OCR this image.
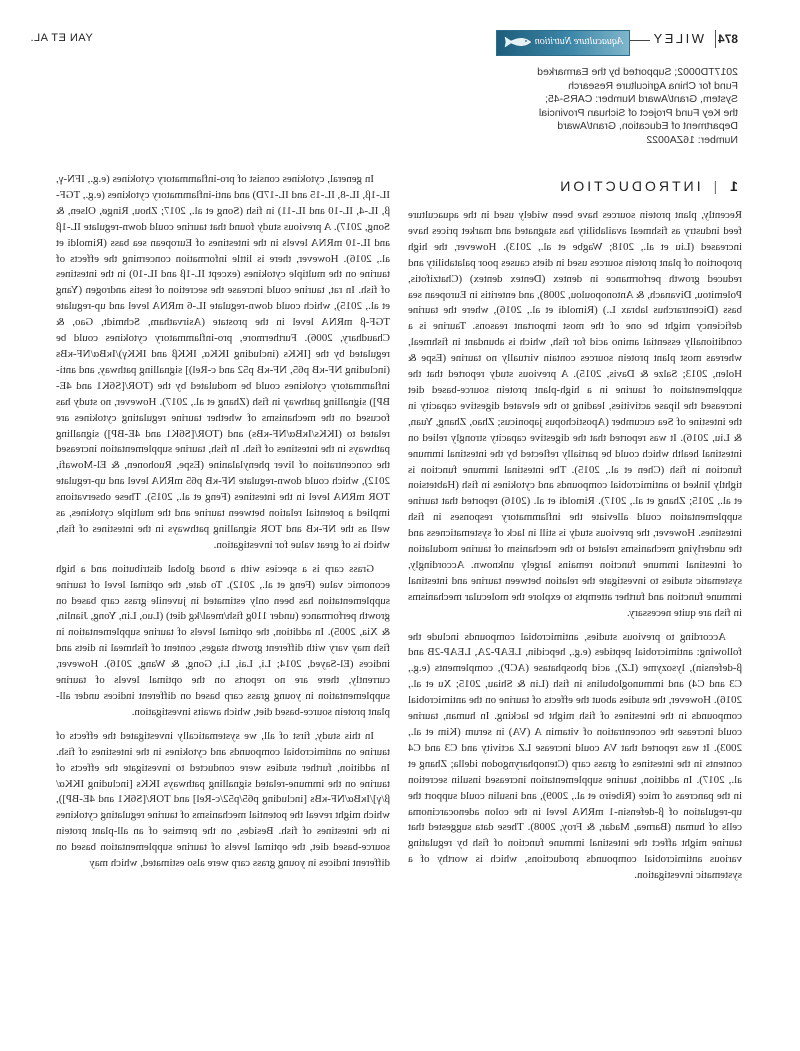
874
WILEY
Aquaculture Nutrition
YAN ET AL.
2017TD0002; Supported by the Earmarked
Fund for China Agriculture Research
System, Grant/Award Number: CARS-45;
the Key Fund Project of Sichuan Provincial
Department of Education, Grant/Award
Number: 16ZA0022
1|INTRODUCTION

Recently, plant protein sources have been widely used in the aquaculture feed industry as fishmeal availability has stagnated and market prices have increased (Liu et al., 2018; Wagbe et al., 2013). However, the high proportion of plant protein sources used in diets causes poor palatability and reduced growth performance in dentex (Dentex dentex) (Chatzifotis, Polemitou, Divanach, & Antonopoulou, 2008), and enteritis in European sea bass (Dicentrarchus labrax L.) (Rimoldi et al., 2016), where the taurine deficiency might be one of the most important reasons. Taurine is a conditionally essential amino acid for fish, which is abundant in fishmeal, whereas most plant protein sources contain virtually no taurine (Espe & Holen, 2013; Salze & Davis, 2015). A previous study reported that the supplementation of taurine in a high-plant protein source-based diet increased the lipase activities, leading to the elevated digestive capacity in the intestine of Sea cucumber (Apostichopus japonicus; Zhao, Zhang, Yuan, & Liu, 2016). It was reported that the digestive capacity strongly relied on intestinal health which could be partially reflected by the intestinal immune function in fish (Chen et al., 2015). The intestinal immune function is tightly linked to antimicrobial compounds and cytokines in fish (Habtetsion et al., 2015; Zhang et al., 2017). Rimoldi et al. (2016) reported that taurine supplementation could alleviate the inflammatory responses in fish intestines. However, the previous study is still in lack of systematicness and the underlying mechanisms related to the mechanism of taurine modulation of intestinal immune function remains largely unknown. Accordingly, systematic studies to investigate the relation between taurine and intestinal immune function and further attempts to explore the molecular mechanisms in fish are quite necessary.

According to previous studies, antimicrobial compounds include the following: antimicrobial peptides (e.g., hepcidin, LEAP-2A, LEAP-2B and β-defensin), lysozyme (LZ), acid phosphatase (ACP), complements (e.g., C3 and C4) and immunoglobulins in fish (Lin & Shiau, 2015; Xu et al., 2016). However, the studies about the effects of taurine on the antimicrobial compounds in the intestines of fish might be lacking. In human, taurine could increase the concentration of vitamin A (VA) in serum (Kim et al., 2003). It was reported that VA could increase LZ activity and C3 and C4 contents in the intestines of grass carp (Ctenopharyngodon idella; Zhang et al., 2017). In addition, taurine supplementation increased insulin secretion in the pancreas of mice (Ribeiro et al., 2009), and insulin could support the up-regulation of β-defensin-1 mRNA level in the colon adenocarcinoma cells of human (Barnea, Madar, & Froy, 2008). These data suggested that taurine might affect the intestinal immune function of fish by regulating various antimicrobial compounds productions, which is worthy of a systematic investigation.

In general, cytokines consist of pro-inflammatory cytokines (e.g., IFN-γ, IL-1β, IL-8, IL-15 and IL-17D) and anti-inflammatory cytokines (e.g., TGF-β, IL-4, IL-10 and IL-11) in fish (Song et al., 2017; Zhou, Ringø, Olsen, & Song, 2017). A previous study found that taurine could down-regulate IL-1β and IL-10 mRNA levels in the intestines of European sea bass (Rimoldi et al., 2016). However, there is little information concerning the effects of taurine on the multiple cytokines (except IL-1β and IL-10) in the intestines of fish. In rat, taurine could increase the secretion of testis androgen (Yang et al., 2015), which could down-regulate IL-6 mRNA level and up-regulate TGF-β mRNA level in the prostate (Asirvatham, Schmidt, Gao, & Chaudhary, 2006). Furthermore, pro-inflammatory cytokines could be regulated by the [IKKs (including IKKα, IKKβ and IKKγ)/IκBα/NF-κBs (including NF-κB p65, NF-κB p52 and c-Rel)] signalling pathway, and anti-inflammatory cytokines could be modulated by the (TOR/[S6K1 and 4E-BP]) signalling pathway in fish (Zhang et al., 2017). However, no study has focused on the mechanisms of whether taurine regulating cytokines are related to (IKKs/IκBα/NF-κBs) and (TOR/[S6K1 and 4E-BP]) signalling pathways in the intestines of fish. In fish, taurine supplementation increased the concentration of liver phenylalanine (Espe, Ruohonen, & El-Mowafi, 2012), which could down-regulate NF-κB p65 mRNA level and up-regulate TOR mRNA level in the intestines (Feng et al., 2015). These observations implied a potential relation between taurine and the multiple cytokines, as well as the NF-κB and TOR signalling pathways in the intestines of fish, which is of great value for investigation.

Grass carp is a species with a broad global distribution and a high economic value (Feng et al., 2012). To date, the optimal level of taurine supplementation has been only estimated in juvenile grass carp based on growth performance (under 110g fish/meal/kg diet) (Luo, Lin, Yong, Jianlin, & Xia, 2005). In addition, the optimal levels of taurine supplementation in fish may vary with different growth stages, content of fishmeal in diets and indices (El-Sayed, 2014; Li, Lai, Li, Gong, & Wang, 2016). However, currently, there are no reports on the optimal levels of taurine supplementation in young grass carp based on different indices under all-plant protein source-based diet, which awaits investigation.

In this study, first of all, we systematically investigated the effects of taurine on antimicrobial compounds and cytokines in the intestines of fish. In addition, further studies were conducted to investigate the effects of taurine on the immune-related signalling pathways IKKs [including IKKα/β/γ]/IκBα/NF-κBs [including p65/p52/c-Rel] and TOR/[S6K1 and 4E-BP]), which might reveal the potential mechanisms of taurine regulating cytokines in the intestines of fish. Besides, on the premise of an all-plant protein source-based diet, the optimal levels of taurine supplementation based on different indices in young grass carp were also estimated, which may
